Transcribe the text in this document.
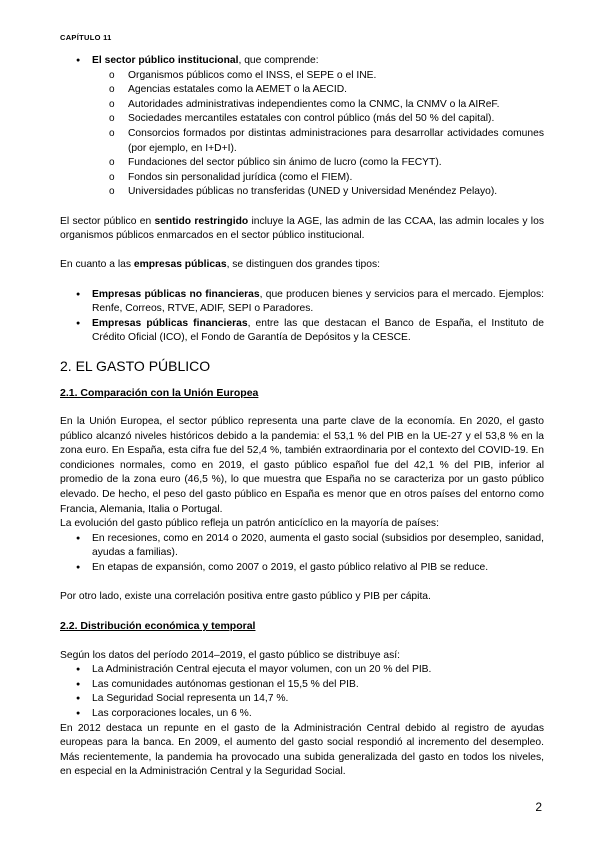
CAPÍTULO 11
● El sector público institucional, que comprende:
o Organismos públicos como el INSS, el SEPE o el INE.
o Agencias estatales como la AEMET o la AECID.
o Autoridades administrativas independientes como la CNMC, la CNMV o la AIReF.
o Sociedades mercantiles estatales con control público (más del 50 % del capital).
o Consorcios formados por distintas administraciones para desarrollar actividades comunes (por ejemplo, en I+D+I).
o Fundaciones del sector público sin ánimo de lucro (como la FECYT).
o Fondos sin personalidad jurídica (como el FIEM).
o Universidades públicas no transferidas (UNED y Universidad Menéndez Pelayo).

El sector público en sentido restringido incluye la AGE, las admin de las CCAA, las admin locales y los organismos públicos enmarcados en el sector público institucional.

En cuanto a las empresas públicas, se distinguen dos grandes tipos:

● Empresas públicas no financieras, que producen bienes y servicios para el mercado. Ejemplos: Renfe, Correos, RTVE, ADIF, SEPI o Paradores.
● Empresas públicas financieras, entre las que destacan el Banco de España, el Instituto de Crédito Oficial (ICO), el Fondo de Garantía de Depósitos y la CESCE.
2. EL GASTO PÚBLICO
2.1. Comparación con la Unión Europea

En la Unión Europea, el sector público representa una parte clave de la economía. En 2020, el gasto público alcanzó niveles históricos debido a la pandemia: el 53,1 % del PIB en la UE-27 y el 53,8 % en la zona euro. En España, esta cifra fue del 52,4 %, también extraordinaria por el contexto del COVID-19. En condiciones normales, como en 2019, el gasto público español fue del 42,1 % del PIB, inferior al promedio de la zona euro (46,5 %), lo que muestra que España no se caracteriza por un gasto público elevado. De hecho, el peso del gasto público en España es menor que en otros países del entorno como Francia, Alemania, Italia o Portugal.

La evolución del gasto público refleja un patrón anticíclico en la mayoría de países:

● En recesiones, como en 2014 o 2020, aumenta el gasto social (subsidios por desempleo, sanidad, ayudas a familias).
● En etapas de expansión, como 2007 o 2019, el gasto público relativo al PIB se reduce.

Por otro lado, existe una correlación positiva entre gasto público y PIB per cápita.

2.2. Distribución económica y temporal

Según los datos del período 2014–2019, el gasto público se distribuye así:

● La Administración Central ejecuta el mayor volumen, con un 20 % del PIB.
● Las comunidades autónomas gestionan el 15,5 % del PIB.
● La Seguridad Social representa un 14,7 %.
● Las corporaciones locales, un 6 %.

En 2012 destaca un repunte en el gasto de la Administración Central debido al registro de ayudas europeas para la banca. En 2009, el aumento del gasto social respondió al incremento del desempleo. Más recientemente, la pandemia ha provocado una subida generalizada del gasto en todos los niveles, en especial en la Administración Central y la Seguridad Social.

2
